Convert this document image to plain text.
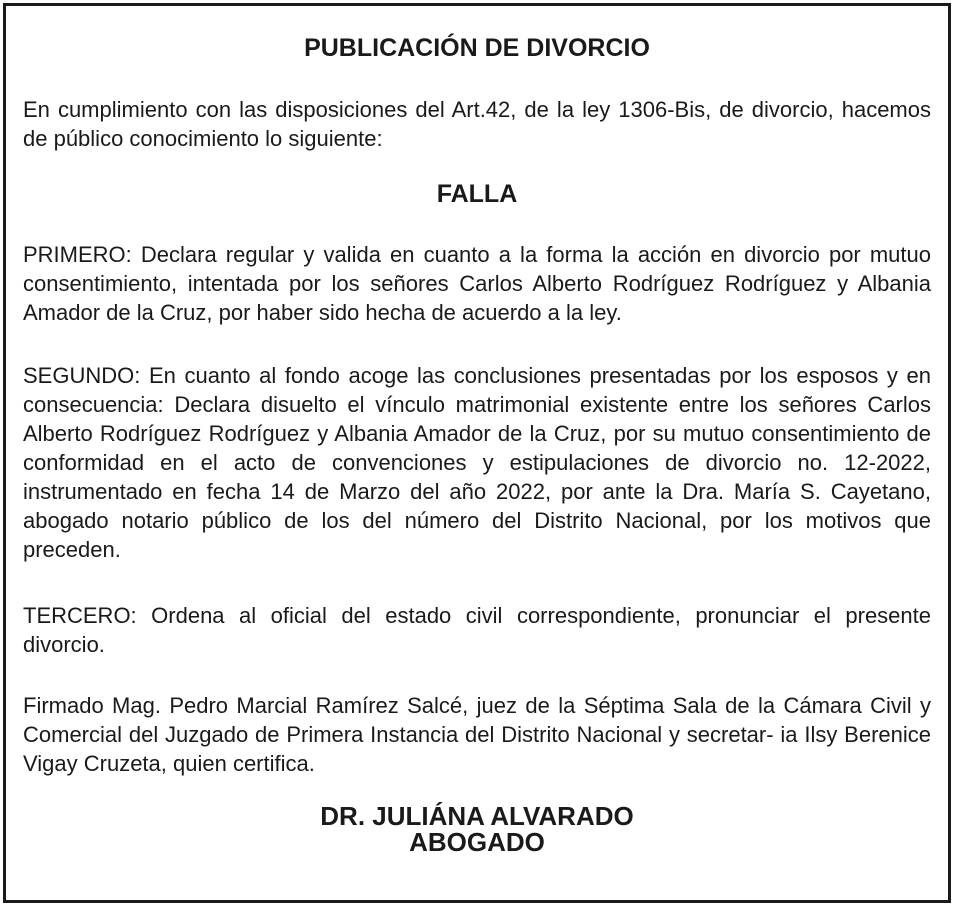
PUBLICACIÓN DE DIVORCIO

En cumplimiento con las disposiciones del Art.42, de la ley 1306-Bis, de divorcio, hacemos de público conocimiento lo siguiente:

FALLA

PRIMERO: Declara regular y valida en cuanto a la forma la acción en divorcio por mutuo consentimiento, intentada por los señores Carlos Alberto Rodríguez Rodríguez y Albania Amador de la Cruz, por haber sido hecha de acuerdo a la ley.

SEGUNDO: En cuanto al fondo acoge las conclusiones presentadas por los esposos y en consecuencia: Declara disuelto el vínculo matrimonial existente entre los señores Carlos Alberto Rodríguez Rodríguez y Albania Amador de la Cruz, por su mutuo consentimiento de conformidad en el acto de convenciones y estipulaciones de divorcio no. 12-2022, instrumentado en fecha 14 de Marzo del año 2022, por ante la Dra. María S. Cayetano, abogado notario público de los del número del Distrito Nacional, por los motivos que preceden.

TERCERO: Ordena al oficial del estado civil correspondiente, pronunciar el presente divorcio.

Firmado Mag. Pedro Marcial Ramírez Salcé, juez de la Séptima Sala de la Cámara Civil y Comercial del Juzgado de Primera Instancia del Distrito Nacional y secretar- ia Ilsy Berenice Vigay Cruzeta, quien certifica.

DR. JULIÁNA ALVARADO
ABOGADO
